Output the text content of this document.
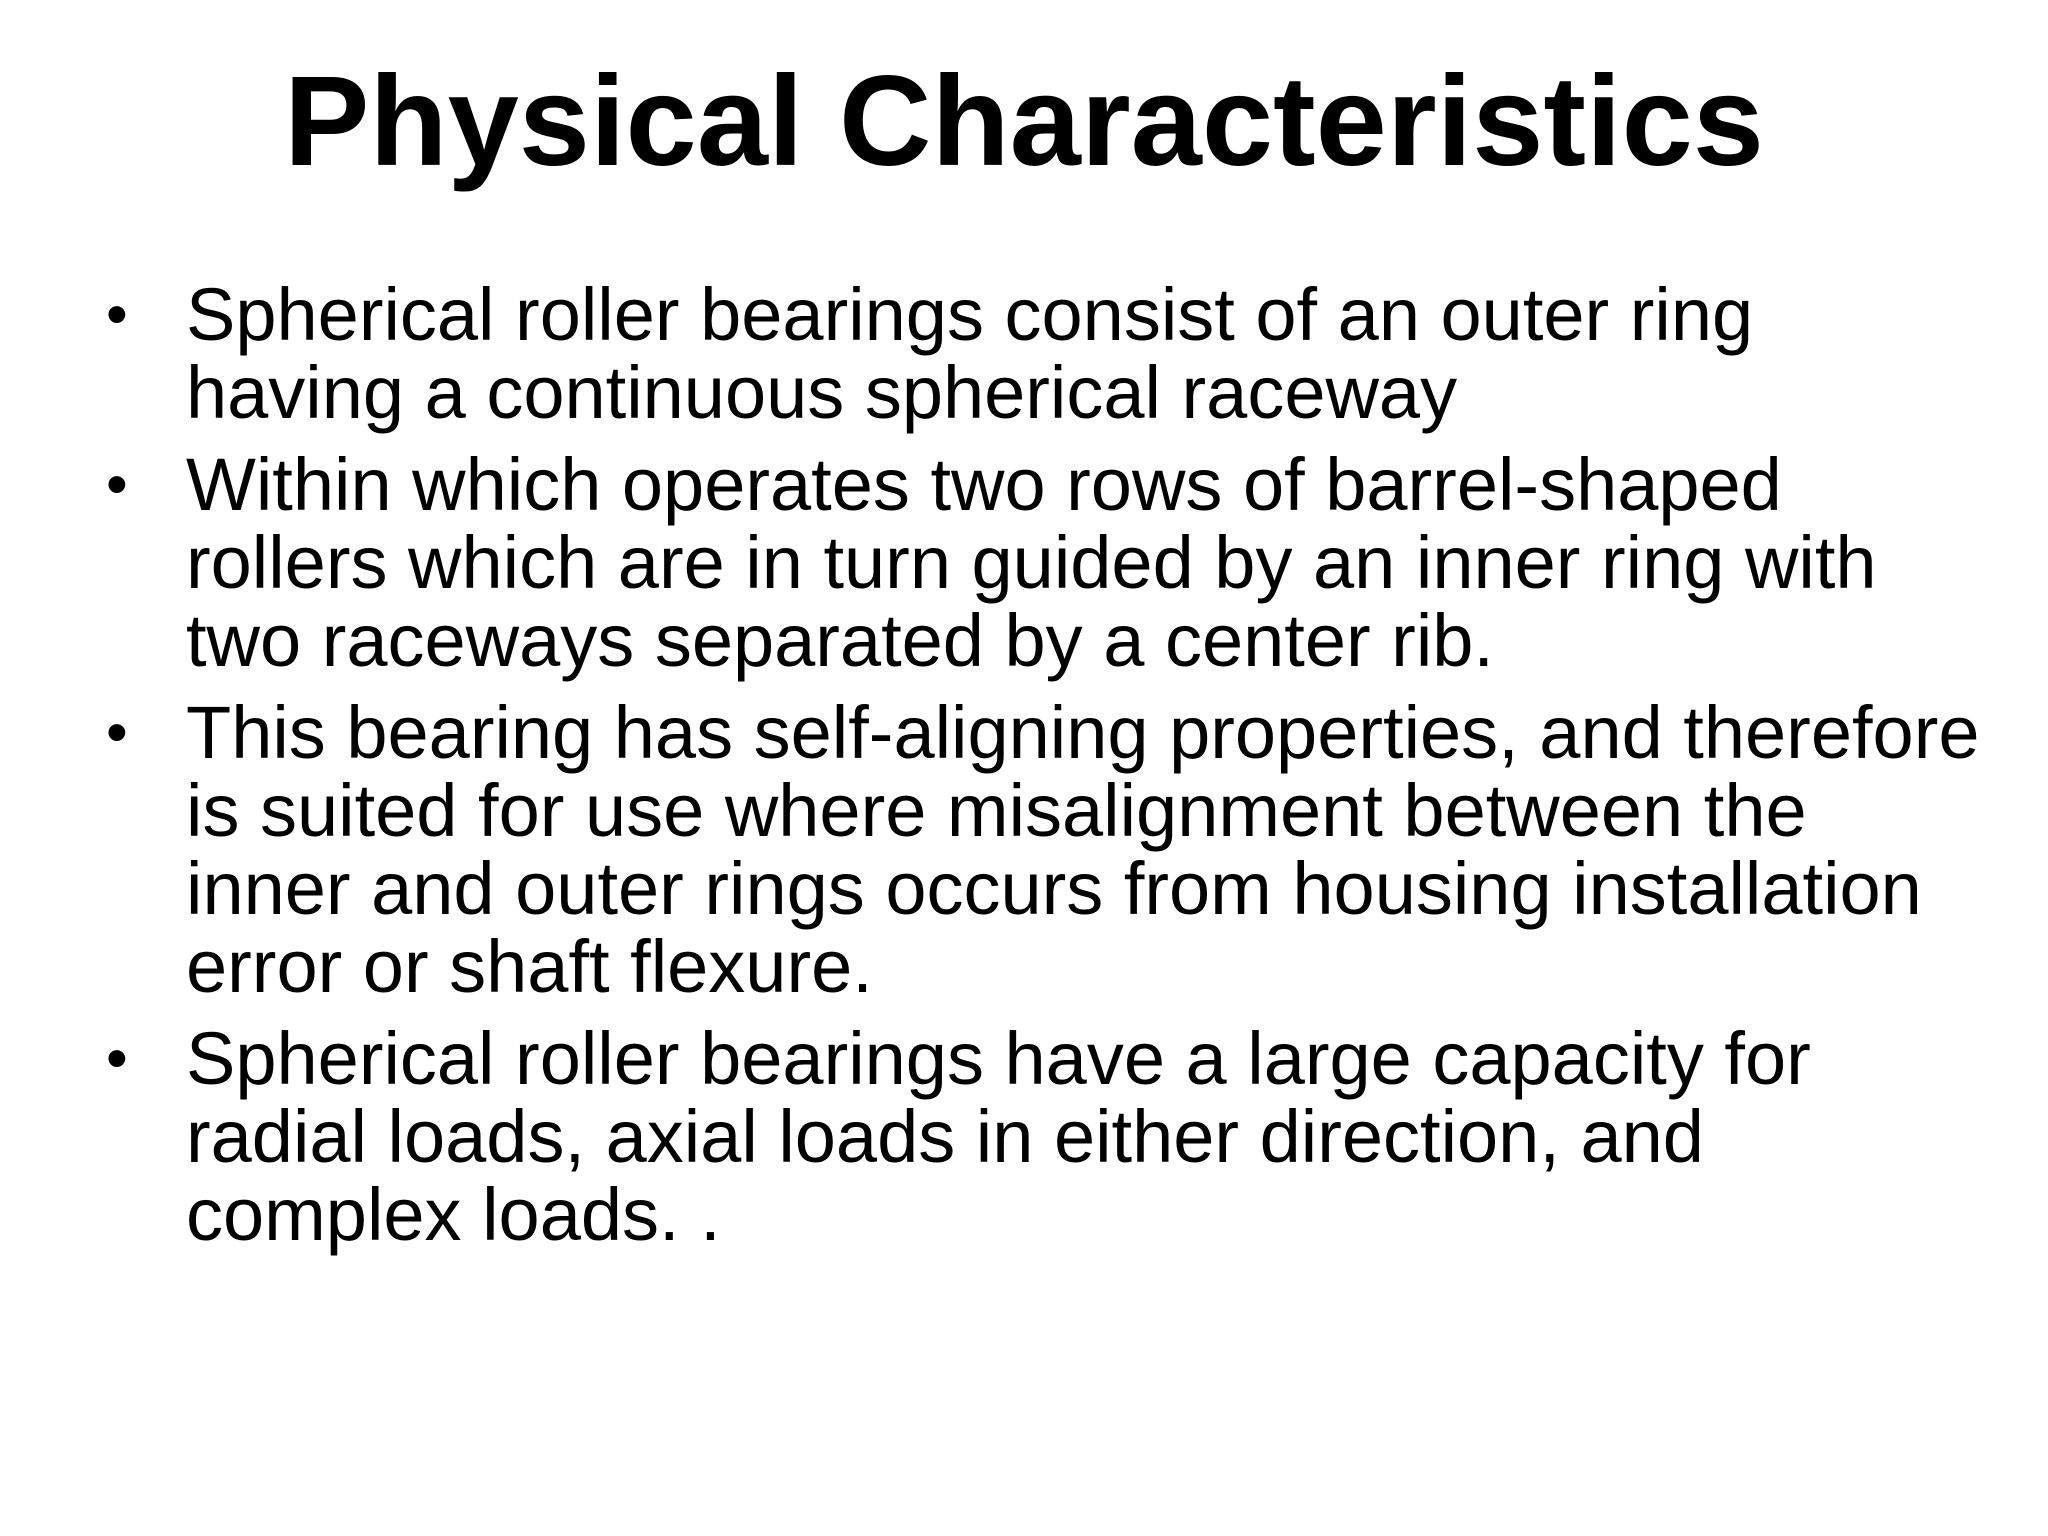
Physical Characteristics
• Spherical roller bearings consist of an outer ring having a continuous spherical raceway
• Within which operates two rows of barrel-shaped rollers which are in turn guided by an inner ring with two raceways separated by a center rib.
• This bearing has self-aligning properties, and therefore is suited for use where misalignment between the inner and outer rings occurs from housing installation error or shaft flexure.
• Spherical roller bearings have a large capacity for radial loads, axial loads in either direction, and complex loads. .
